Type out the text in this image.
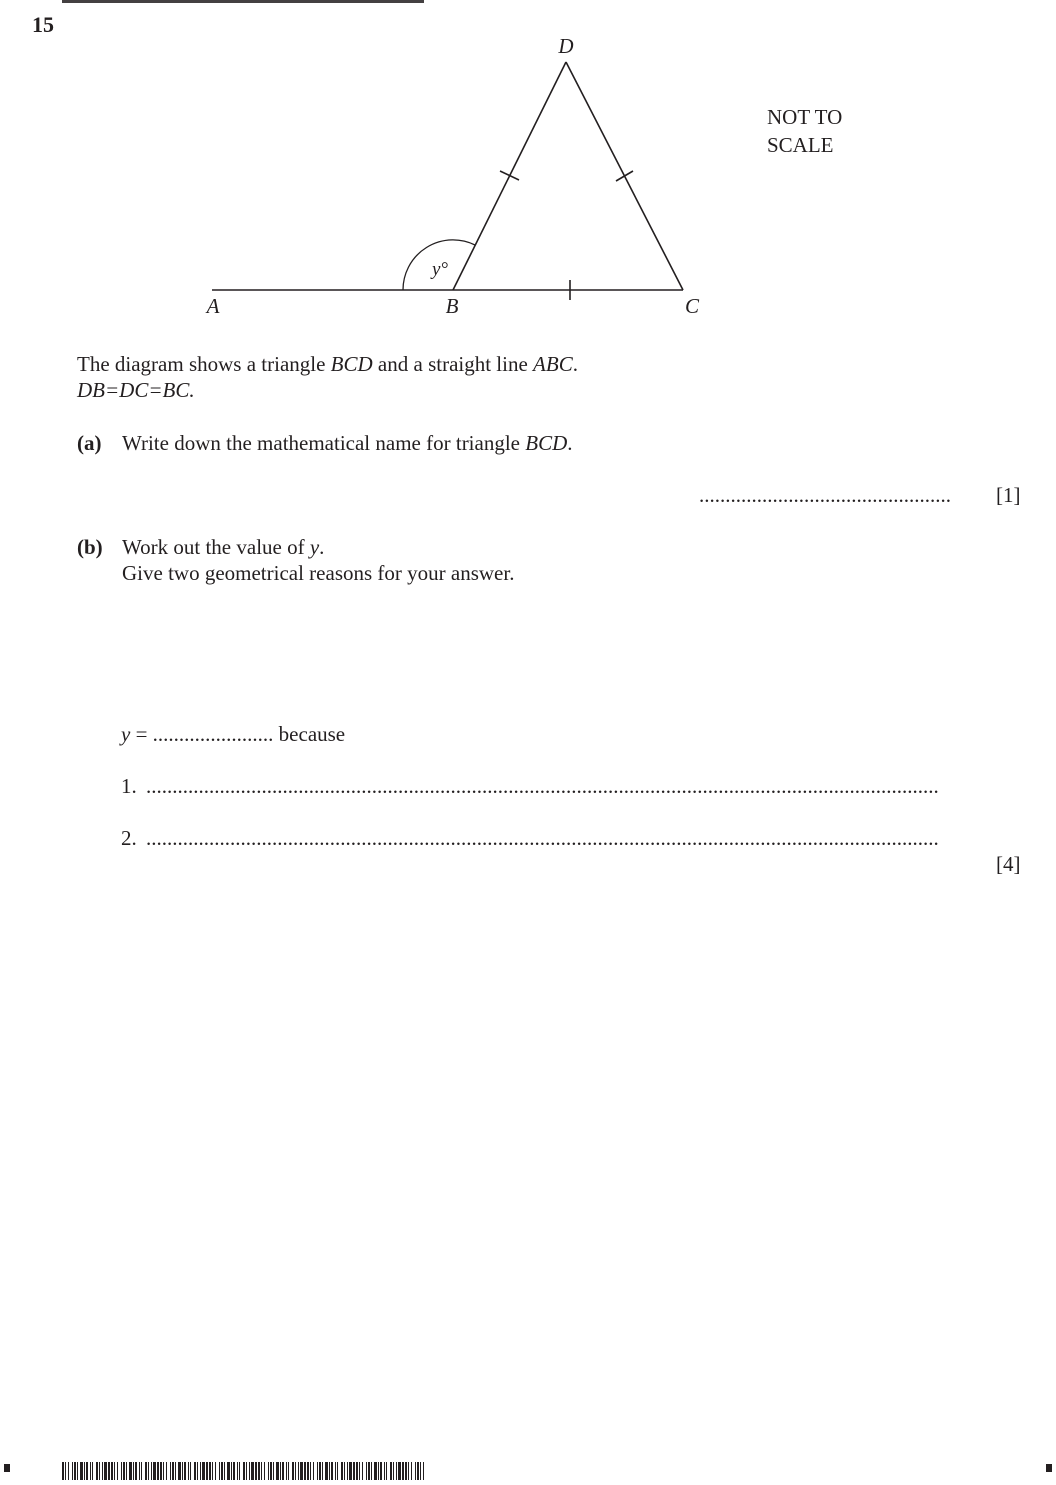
15
D
A	B	C
y°
NOT TO SCALE
The diagram shows a triangle BCD and a straight line ABC.
DB=DC=BC.
(a) Write down the mathematical name for triangle BCD.
................................................ [1]
(b) Work out the value of y.
Give two geometrical reasons for your answer.
y = ....................... because
1. .......................................................................................................................................................
2. .......................................................................................................................................................
[4]
